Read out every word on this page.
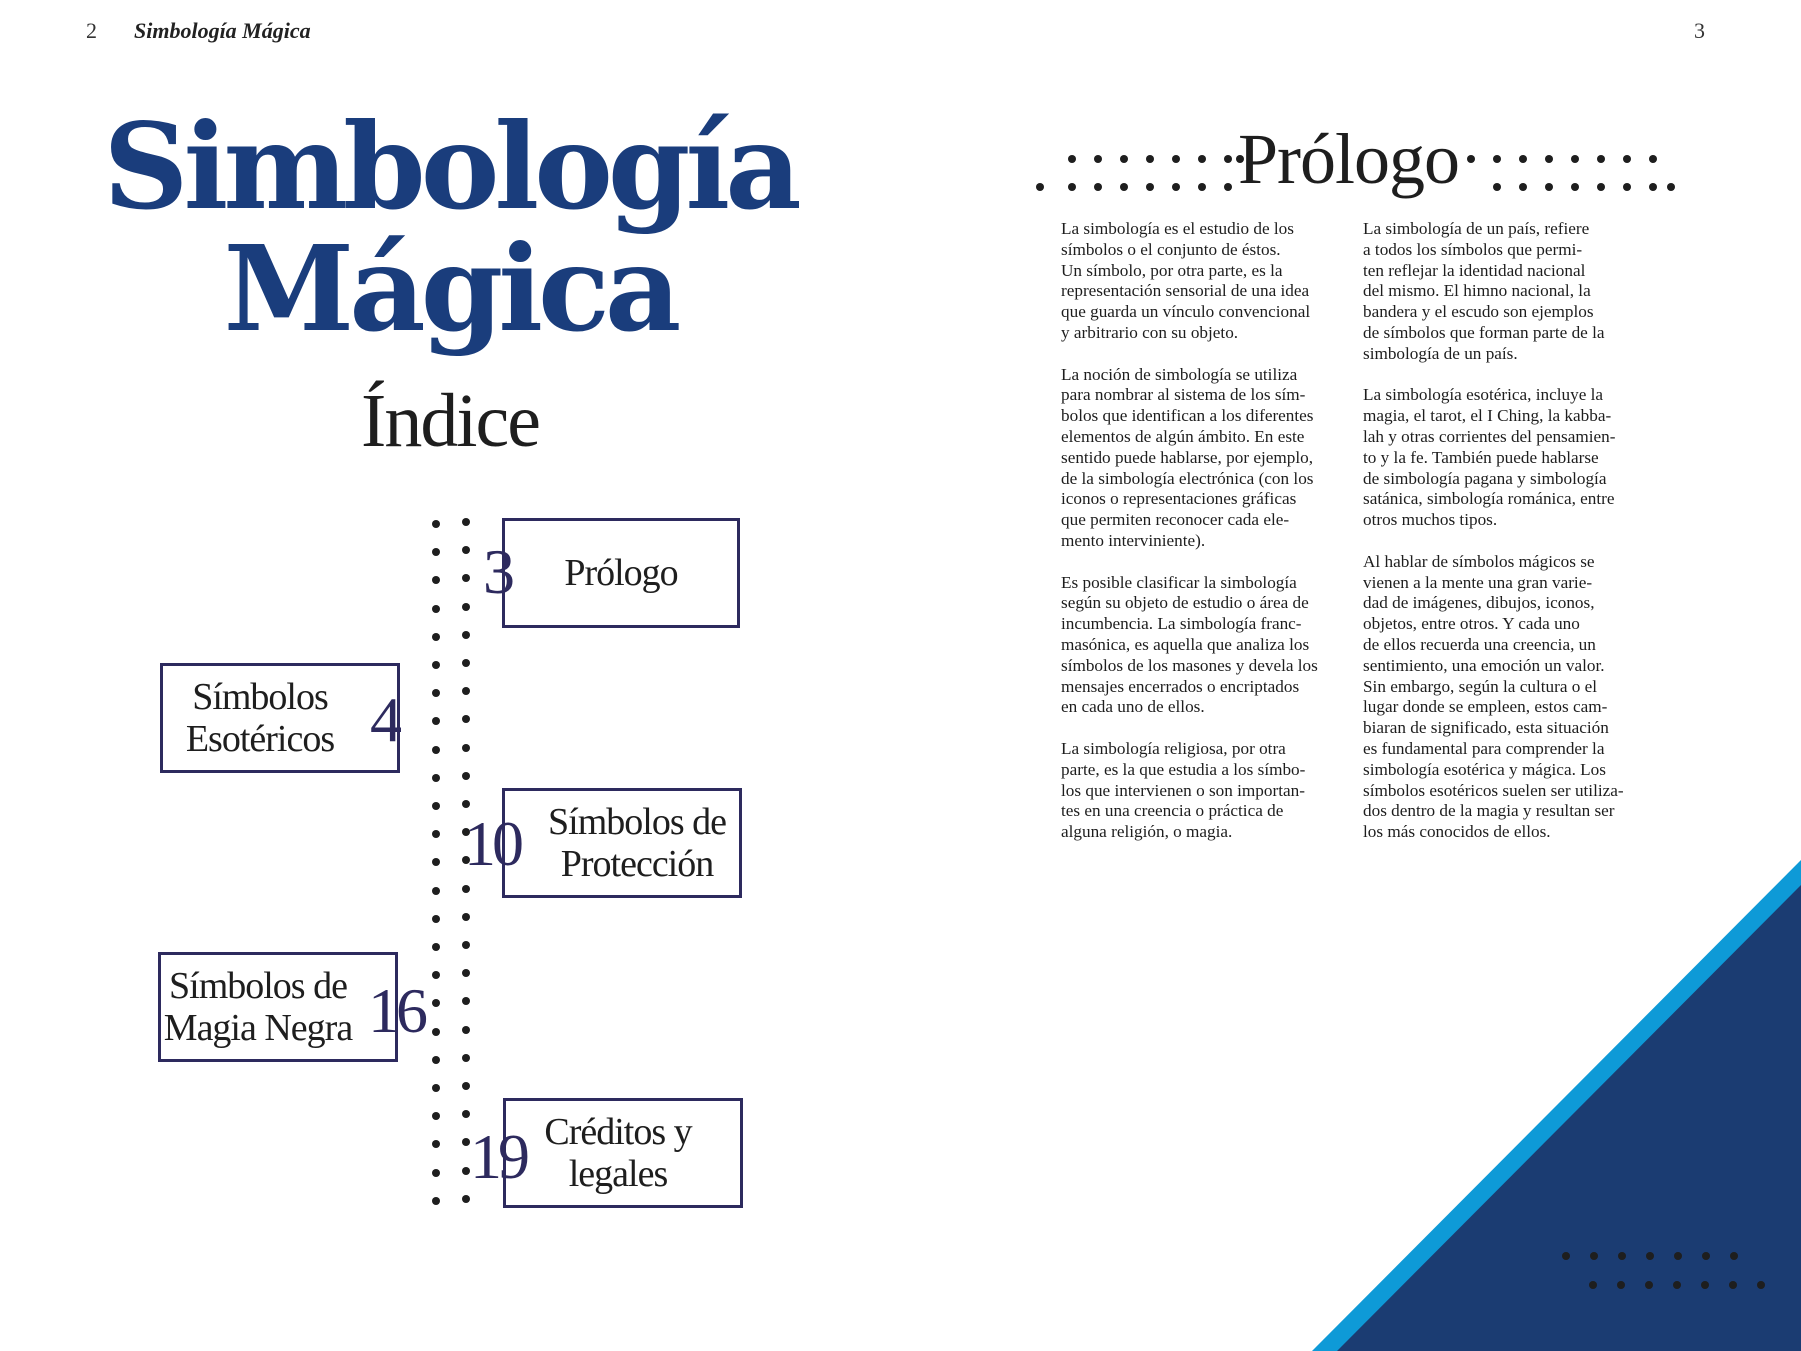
2 Simbología Mágica
Simbología
Mágica
Índice
Prólogo
3
Símbolos
Esotéricos 4
Símbolos de
Protección
10
Símbolos de
Magia Negra 16
Créditos y
legales
19
3
Prólogo

La simbología es el estudio de los
símbolos o el conjunto de éstos.
Un símbolo, por otra parte, es la
representación sensorial de una idea
que guarda un vínculo convencional
y arbitrario con su objeto.

La noción de simbología se utiliza
para nombrar al sistema de los sím-
bolos que identifican a los diferentes
elementos de algún ámbito. En este
sentido puede hablarse, por ejemplo,
de la simbología electrónica (con los
iconos o representaciones gráficas
que permiten reconocer cada ele-
mento interviniente).

Es posible clasificar la simbología
según su objeto de estudio o área de
incumbencia. La simbología franc-
masónica, es aquella que analiza los
símbolos de los masones y devela los
mensajes encerrados o encriptados
en cada uno de ellos.

La simbología religiosa, por otra
parte, es la que estudia a los símbo-
los que intervienen o son importan-
tes en una creencia o práctica de
alguna religión, o magia.

La simbología de un país, refiere
a todos los símbolos que permi-
ten reflejar la identidad nacional
del mismo. El himno nacional, la
bandera y el escudo son ejemplos
de símbolos que forman parte de la
simbología de un país.

La simbología esotérica, incluye la
magia, el tarot, el I Ching, la kabba-
lah y otras corrientes del pensamien-
to y la fe. También puede hablarse
de simbología pagana y simbología
satánica, simbología románica, entre
otros muchos tipos.

Al hablar de símbolos mágicos se
vienen a la mente una gran varie-
dad de imágenes, dibujos, iconos,
objetos, entre otros. Y cada uno
de ellos recuerda una creencia, un
sentimiento, una emoción un valor.
Sin embargo, según la cultura o el
lugar donde se empleen, estos cam-
biaran de significado, esta situación
es fundamental para comprender la
simbología esotérica y mágica. Los
símbolos esotéricos suelen ser utiliza-
dos dentro de la magia y resultan ser
los más conocidos de ellos.
